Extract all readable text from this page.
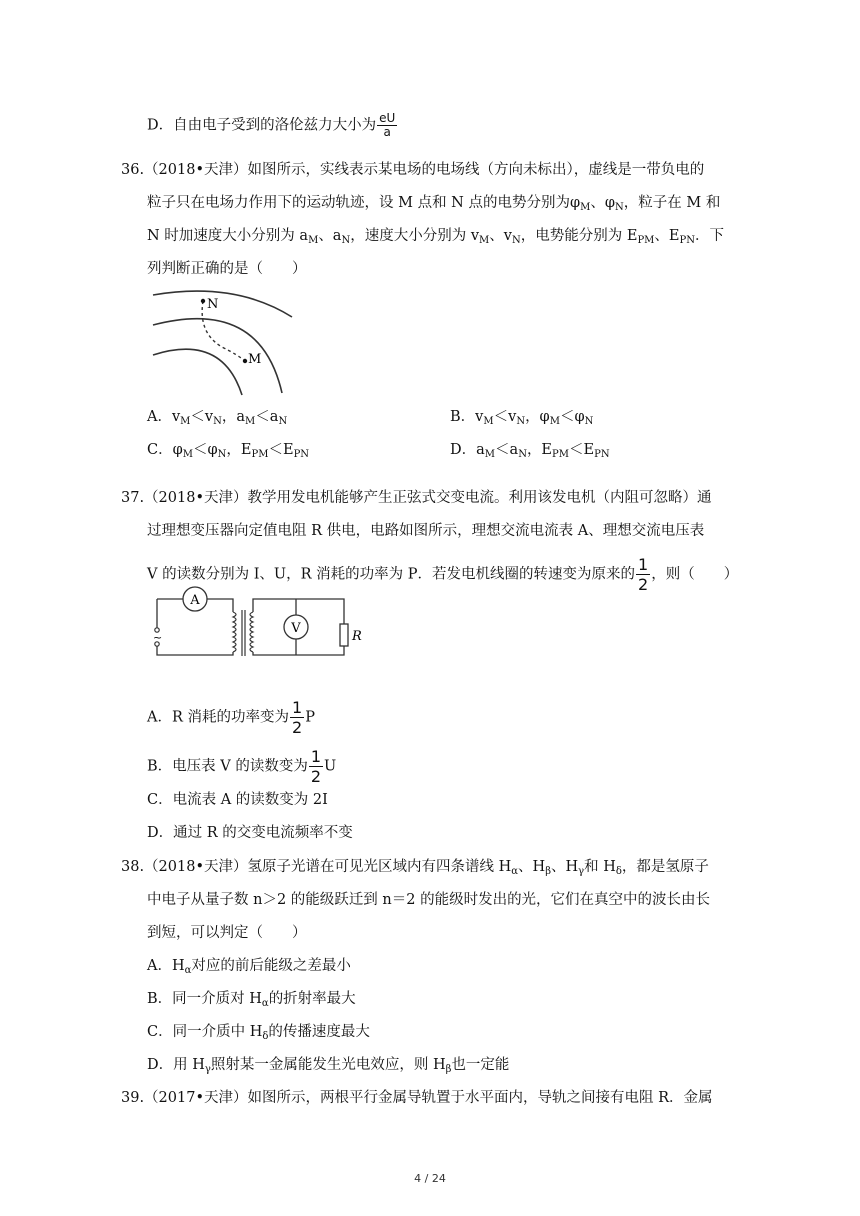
D．自由电子受到的洛伦兹力大小为 $\frac{eU}{a}$
36.（2018•天津）如图所示，实线表示某电场的电场线（方向未标出），虚线是一带负电的
粒子只在电场力作用下的运动轨迹，设 M 点和 N 点的电势分别为$\varphi_M$、$\varphi_N$，粒子在 M 和
N 时加速度大小分别为 $a_M$、$a_N$，速度大小分别为 $v_M$、$v_N$，电势能分别为 $E_{PM}$、$E_{PN}$．下
列判断正确的是（　　）
N
M
A．$v_M<v_N$，$a_M<a_N$	B．$v_M<v_N$，$\varphi_M<\varphi_N$
C．$\varphi_M<\varphi_N$，$E_{PM}<E_{PN}$	D．$a_M<a_N$，$E_{PM}<E_{PN}$
37.（2018•天津）教学用发电机能够产生正弦式交变电流。利用该发电机（内阻可忽略）通
过理想变压器向定值电阻 R 供电，电路如图所示，理想交流电流表 A、理想交流电压表
V 的读数分别为 I、U，R 消耗的功率为 P．若发电机线圈的转速变为原来的 $\frac{1}{2}$ ，则（　　）
~
A
V
R
A．R 消耗的功率变为 $\frac{1}{2}$ P
B．电压表 V 的读数变为 $\frac{1}{2}$ U
C．电流表 A 的读数变为 2I
D．通过 R 的交变电流频率不变
38.（2018•天津）氢原子光谱在可见光区域内有四条谱线 $H_\alpha$、$H_\beta$、$H_\gamma$和 $H_\delta$，都是氢原子
中电子从量子数 n＞2 的能级跃迁到 n＝2 的能级时发出的光，它们在真空中的波长由长
到短，可以判定（　　）
A．$H_\alpha$对应的前后能级之差最小
B．同一介质对 $H_\alpha$的折射率最大
C．同一介质中 $H_\delta$的传播速度最大
D．用 $H_\gamma$照射某一金属能发生光电效应，则 $H_\beta$也一定能
39.（2017•天津）如图所示，两根平行金属导轨置于水平面内，导轨之间接有电阻 R．金属
4 / 24
